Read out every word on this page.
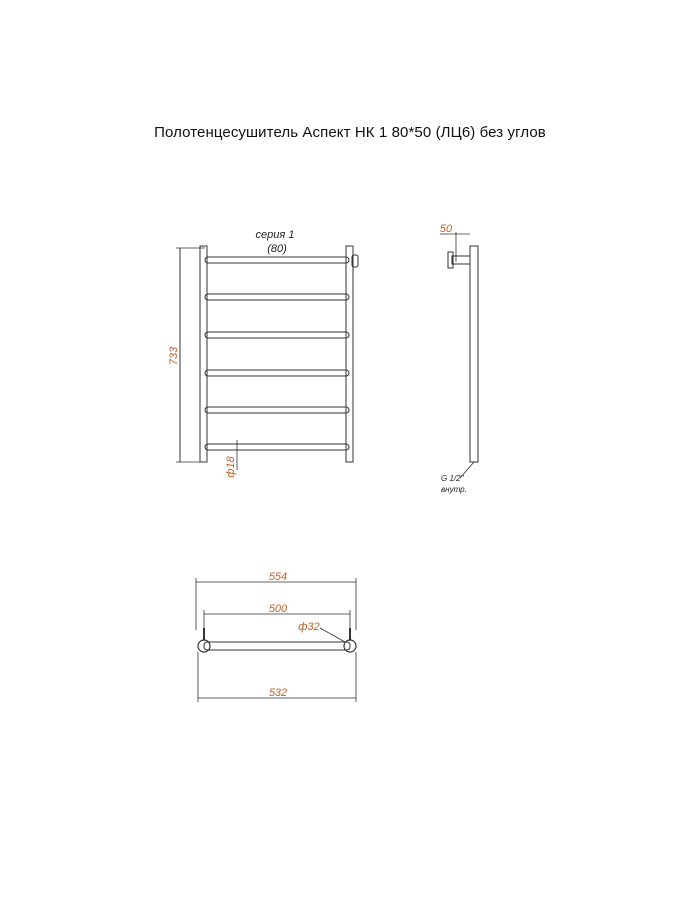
Полотенцесушитель Аспект НК 1 80*50 (ЛЦ6) без углов
серия 1
(80)
733
ф18
50
G 1/2"
внутр.
554
500
ф32
532
